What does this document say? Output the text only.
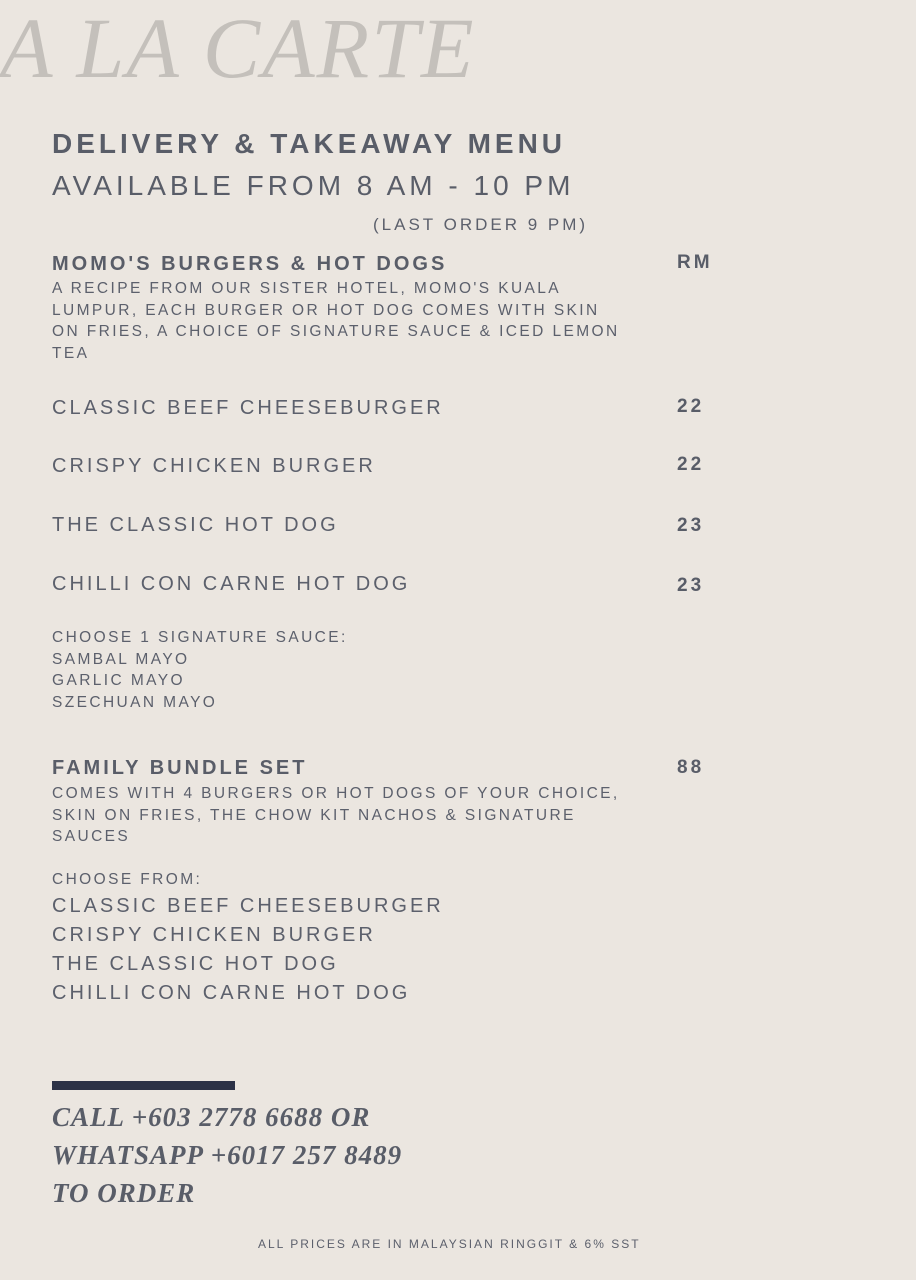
A LA CARTE
DELIVERY & TAKEAWAY MENU
AVAILABLE FROM 8 AM - 10 PM
(LAST ORDER 9 PM)
MOMO'S BURGERS & HOT DOGS	RM
A RECIPE FROM OUR SISTER HOTEL, MOMO'S KUALA LUMPUR, EACH BURGER OR HOT DOG COMES WITH SKIN ON FRIES, A CHOICE OF SIGNATURE SAUCE & ICED LEMON TEA
CLASSIC BEEF CHEESEBURGER	22
CRISPY CHICKEN BURGER	22
THE CLASSIC HOT DOG	23
CHILLI CON CARNE HOT DOG	23
CHOOSE 1 SIGNATURE SAUCE:
SAMBAL MAYO
GARLIC MAYO
SZECHUAN MAYO
FAMILY BUNDLE SET	88
COMES WITH 4 BURGERS OR HOT DOGS OF YOUR CHOICE, SKIN ON FRIES, THE CHOW KIT NACHOS & SIGNATURE SAUCES
CHOOSE FROM:
CLASSIC BEEF CHEESEBURGER
CRISPY CHICKEN BURGER
THE CLASSIC HOT DOG
CHILLI CON CARNE HOT DOG
CALL +603 2778 6688 OR
WHATSAPP +6017 257 8489
TO ORDER
ALL PRICES ARE IN MALAYSIAN RINGGIT & 6% SST
